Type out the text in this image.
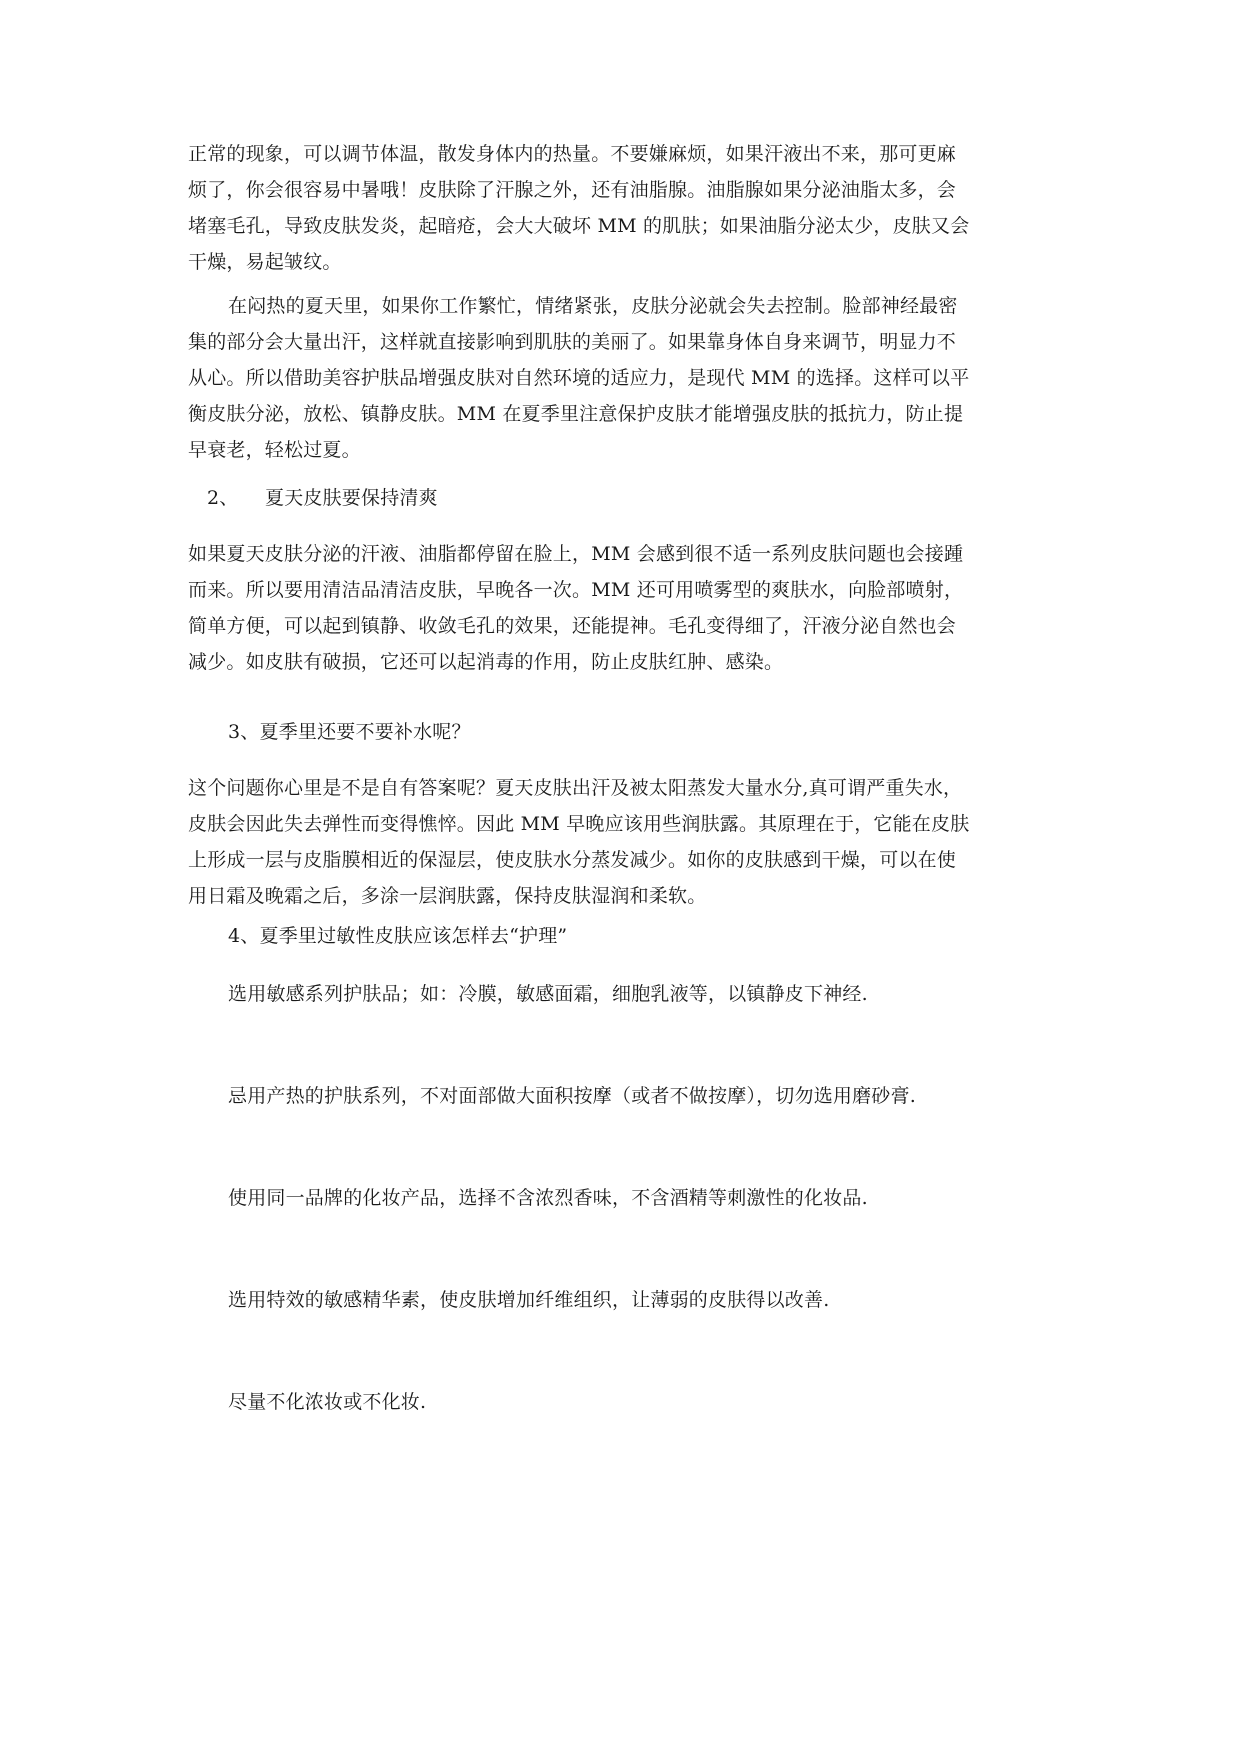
正常的现象，可以调节体温，散发身体内的热量。不要嫌麻烦，如果汗液出不来，那可更麻
烦了，你会很容易中暑哦！皮肤除了汗腺之外，还有油脂腺。油脂腺如果分泌油脂太多，会
堵塞毛孔，导致皮肤发炎，起暗疮，会大大破坏 MM 的肌肤；如果油脂分泌太少，皮肤又会
干燥，易起皱纹。
在闷热的夏天里，如果你工作繁忙，情绪紧张，皮肤分泌就会失去控制。脸部神经最密
集的部分会大量出汗，这样就直接影响到肌肤的美丽了。如果靠身体自身来调节，明显力不
从心。所以借助美容护肤品增强皮肤对自然环境的适应力，是现代 MM 的选择。这样可以平
衡皮肤分泌，放松、镇静皮肤。MM 在夏季里注意保护皮肤才能增强皮肤的抵抗力，防止提
早衰老，轻松过夏。
2、 夏天皮肤要保持清爽
如果夏天皮肤分泌的汗液、油脂都停留在脸上，MM 会感到很不适一系列皮肤问题也会接踵
而来。所以要用清洁品清洁皮肤，早晚各一次。MM 还可用喷雾型的爽肤水，向脸部喷射，
简单方便，可以起到镇静、收敛毛孔的效果，还能提神。毛孔变得细了，汗液分泌自然也会
减少。如皮肤有破损，它还可以起消毒的作用，防止皮肤红肿、感染。
3、夏季里还要不要补水呢？
这个问题你心里是不是自有答案呢？夏天皮肤出汗及被太阳蒸发大量水分,真可谓严重失水，
皮肤会因此失去弹性而变得憔悴。因此 MM 早晚应该用些润肤露。其原理在于，它能在皮肤
上形成一层与皮脂膜相近的保湿层，使皮肤水分蒸发减少。如你的皮肤感到干燥，可以在使
用日霜及晚霜之后，多涂一层润肤露，保持皮肤湿润和柔软。
4、夏季里过敏性皮肤应该怎样去“护理”
选用敏感系列护肤品；如：冷膜，敏感面霜，细胞乳液等，以镇静皮下神经.
忌用产热的护肤系列，不对面部做大面积按摩（或者不做按摩），切勿选用磨砂膏.
使用同一品牌的化妆产品，选择不含浓烈香味，不含酒精等刺激性的化妆品.
选用特效的敏感精华素，使皮肤增加纤维组织，让薄弱的皮肤得以改善.
尽量不化浓妆或不化妆.
